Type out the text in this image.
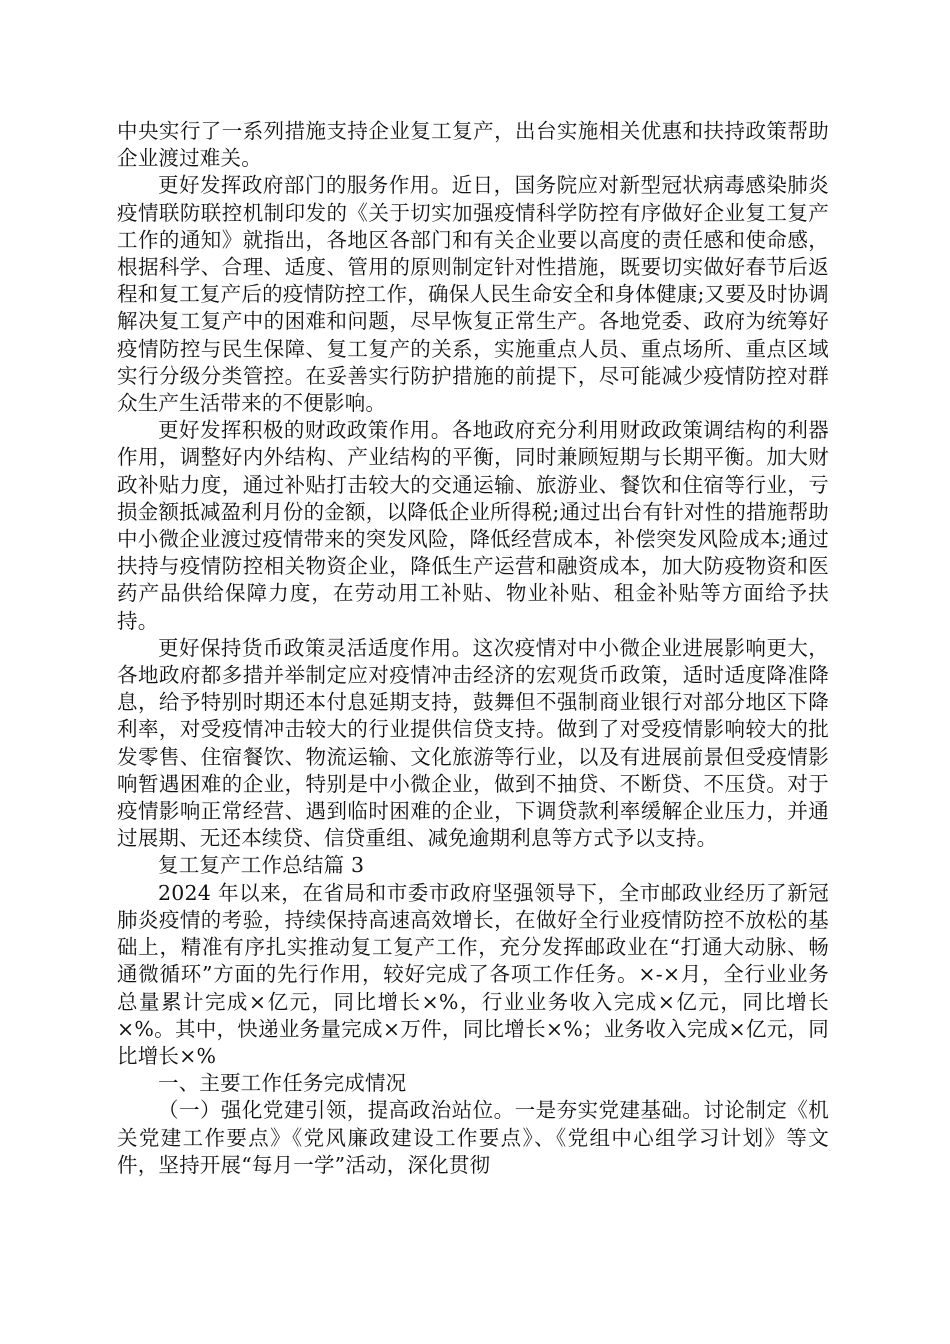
中央实行了一系列措施支持企业复工复产，出台实施相关优惠和扶持政策帮助企业渡过难关。

更好发挥政府部门的服务作用。近日，国务院应对新型冠状病毒感染肺炎疫情联防联控机制印发的《关于切实加强疫情科学防控有序做好企业复工复产工作的通知》就指出，各地区各部门和有关企业要以高度的责任感和使命感，根据科学、合理、适度、管用的原则制定针对性措施，既要切实做好春节后返程和复工复产后的疫情防控工作，确保人民生命安全和身体健康;又要及时协调解决复工复产中的困难和问题，尽早恢复正常生产。各地党委、政府为统筹好疫情防控与民生保障、复工复产的关系，实施重点人员、重点场所、重点区域实行分级分类管控。在妥善实行防护措施的前提下，尽可能减少疫情防控对群众生产生活带来的不便影响。

更好发挥积极的财政政策作用。各地政府充分利用财政政策调结构的利器作用，调整好内外结构、产业结构的平衡，同时兼顾短期与长期平衡。加大财政补贴力度，通过补贴打击较大的交通运输、旅游业、餐饮和住宿等行业，亏损金额抵减盈利月份的金额，以降低企业所得税;通过出台有针对性的措施帮助中小微企业渡过疫情带来的突发风险，降低经营成本，补偿突发风险成本;通过扶持与疫情防控相关物资企业，降低生产运营和融资成本，加大防疫物资和医药产品供给保障力度，在劳动用工补贴、物业补贴、租金补贴等方面给予扶持。

更好保持货币政策灵活适度作用。这次疫情对中小微企业进展影响更大，各地政府都多措并举制定应对疫情冲击经济的宏观货币政策，适时适度降准降息，给予特别时期还本付息延期支持，鼓舞但不强制商业银行对部分地区下降利率，对受疫情冲击较大的行业提供信贷支持。做到了对受疫情影响较大的批发零售、住宿餐饮、物流运输、文化旅游等行业，以及有进展前景但受疫情影响暂遇困难的企业，特别是中小微企业，做到不抽贷、不断贷、不压贷。对于疫情影响正常经营、遇到临时困难的企业，下调贷款利率缓解企业压力，并通过展期、无还本续贷、信贷重组、减免逾期利息等方式予以支持。

复工复产工作总结篇 3

2024 年以来，在省局和市委市政府坚强领导下，全市邮政业经历了新冠肺炎疫情的考验，持续保持高速高效增长，在做好全行业疫情防控不放松的基础上，精准有序扎实推动复工复产工作，充分发挥邮政业在“打通大动脉、畅通微循环”方面的先行作用，较好完成了各项工作任务。×-×月，全行业业务总量累计完成×亿元，同比增长×%，行业业务收入完成×亿元，同比增长×%。其中，快递业务量完成×万件，同比增长×%；业务收入完成×亿元，同比增长×%

一、主要工作任务完成情况

（一）强化党建引领，提高政治站位。一是夯实党建基础。讨论制定《机关党建工作要点》《党风廉政建设工作要点》、《党组中心组学习计划》等文件，坚持开展“每月一学”活动，深化贯彻
